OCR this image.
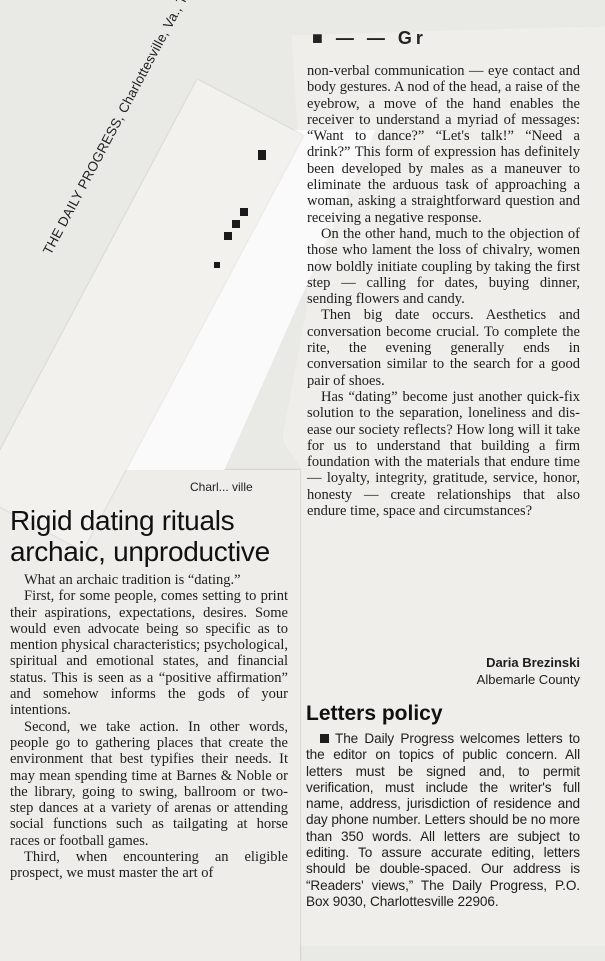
■ — — Gr
Charl... ville
Rigid dating rituals
archaic, unproductive

non-verbal communication — eye contact and body gestures. A nod of the head, a raise of the eyebrow, a move of the hand enables the receiver to understand a myriad of messages: “Want to dance?” “Let's talk!” “Need a drink?” This form of expression has definitely been developed by males as a maneuver to eliminate the arduous task of approaching a woman, asking a straightforward question and receiving a negative response.

On the other hand, much to the objection of those who lament the loss of chivalry, women now boldly initiate coupling by taking the first step — calling for dates, buying dinner, sending flowers and candy.

Then big date occurs. Aesthetics and conversation become crucial. To complete the rite, the evening generally ends in conversation similar to the search for a good pair of shoes.

Has “dating” become just another quick-fix solution to the separation, loneliness and dis-ease our society reflects? How long will it take for us to understand that building a firm foundation with the materials that endure time — loyalty, integrity, gratitude, service, honor, honesty — create relationships that also endure time, space and circumstances?

Daria Brezinski
Albemarle County
Letters policy

The Daily Progress welcomes letters to the editor on topics of public concern. All letters must be signed and, to permit verification, must include the writer's full name, address, jurisdiction of residence and day phone number. Letters should be no more than 350 words. All letters are subject to editing. To assure accurate editing, letters should be double-spaced. Our address is “Readers' views,” The Daily Progress, P.O. Box 9030, Charlottesville 22906.

What an archaic tradition is “dating.”

First, for some people, comes setting to print their aspirations, expectations, desires. Some would even advocate being so specific as to mention physical characteristics; psychological, spiritual and emotional states, and financial status. This is seen as a “positive affirmation” and somehow informs the gods of your intentions.

Second, we take action. In other words, people go to gathering places that create the environment that best typifies their needs. It may mean spending time at Barnes & Noble or the library, going to swing, ballroom or two-step dances at a variety of arenas or attending social functions such as tailgating at horse races or football games.

Third, when encountering an eligible prospect, we must master the art of
